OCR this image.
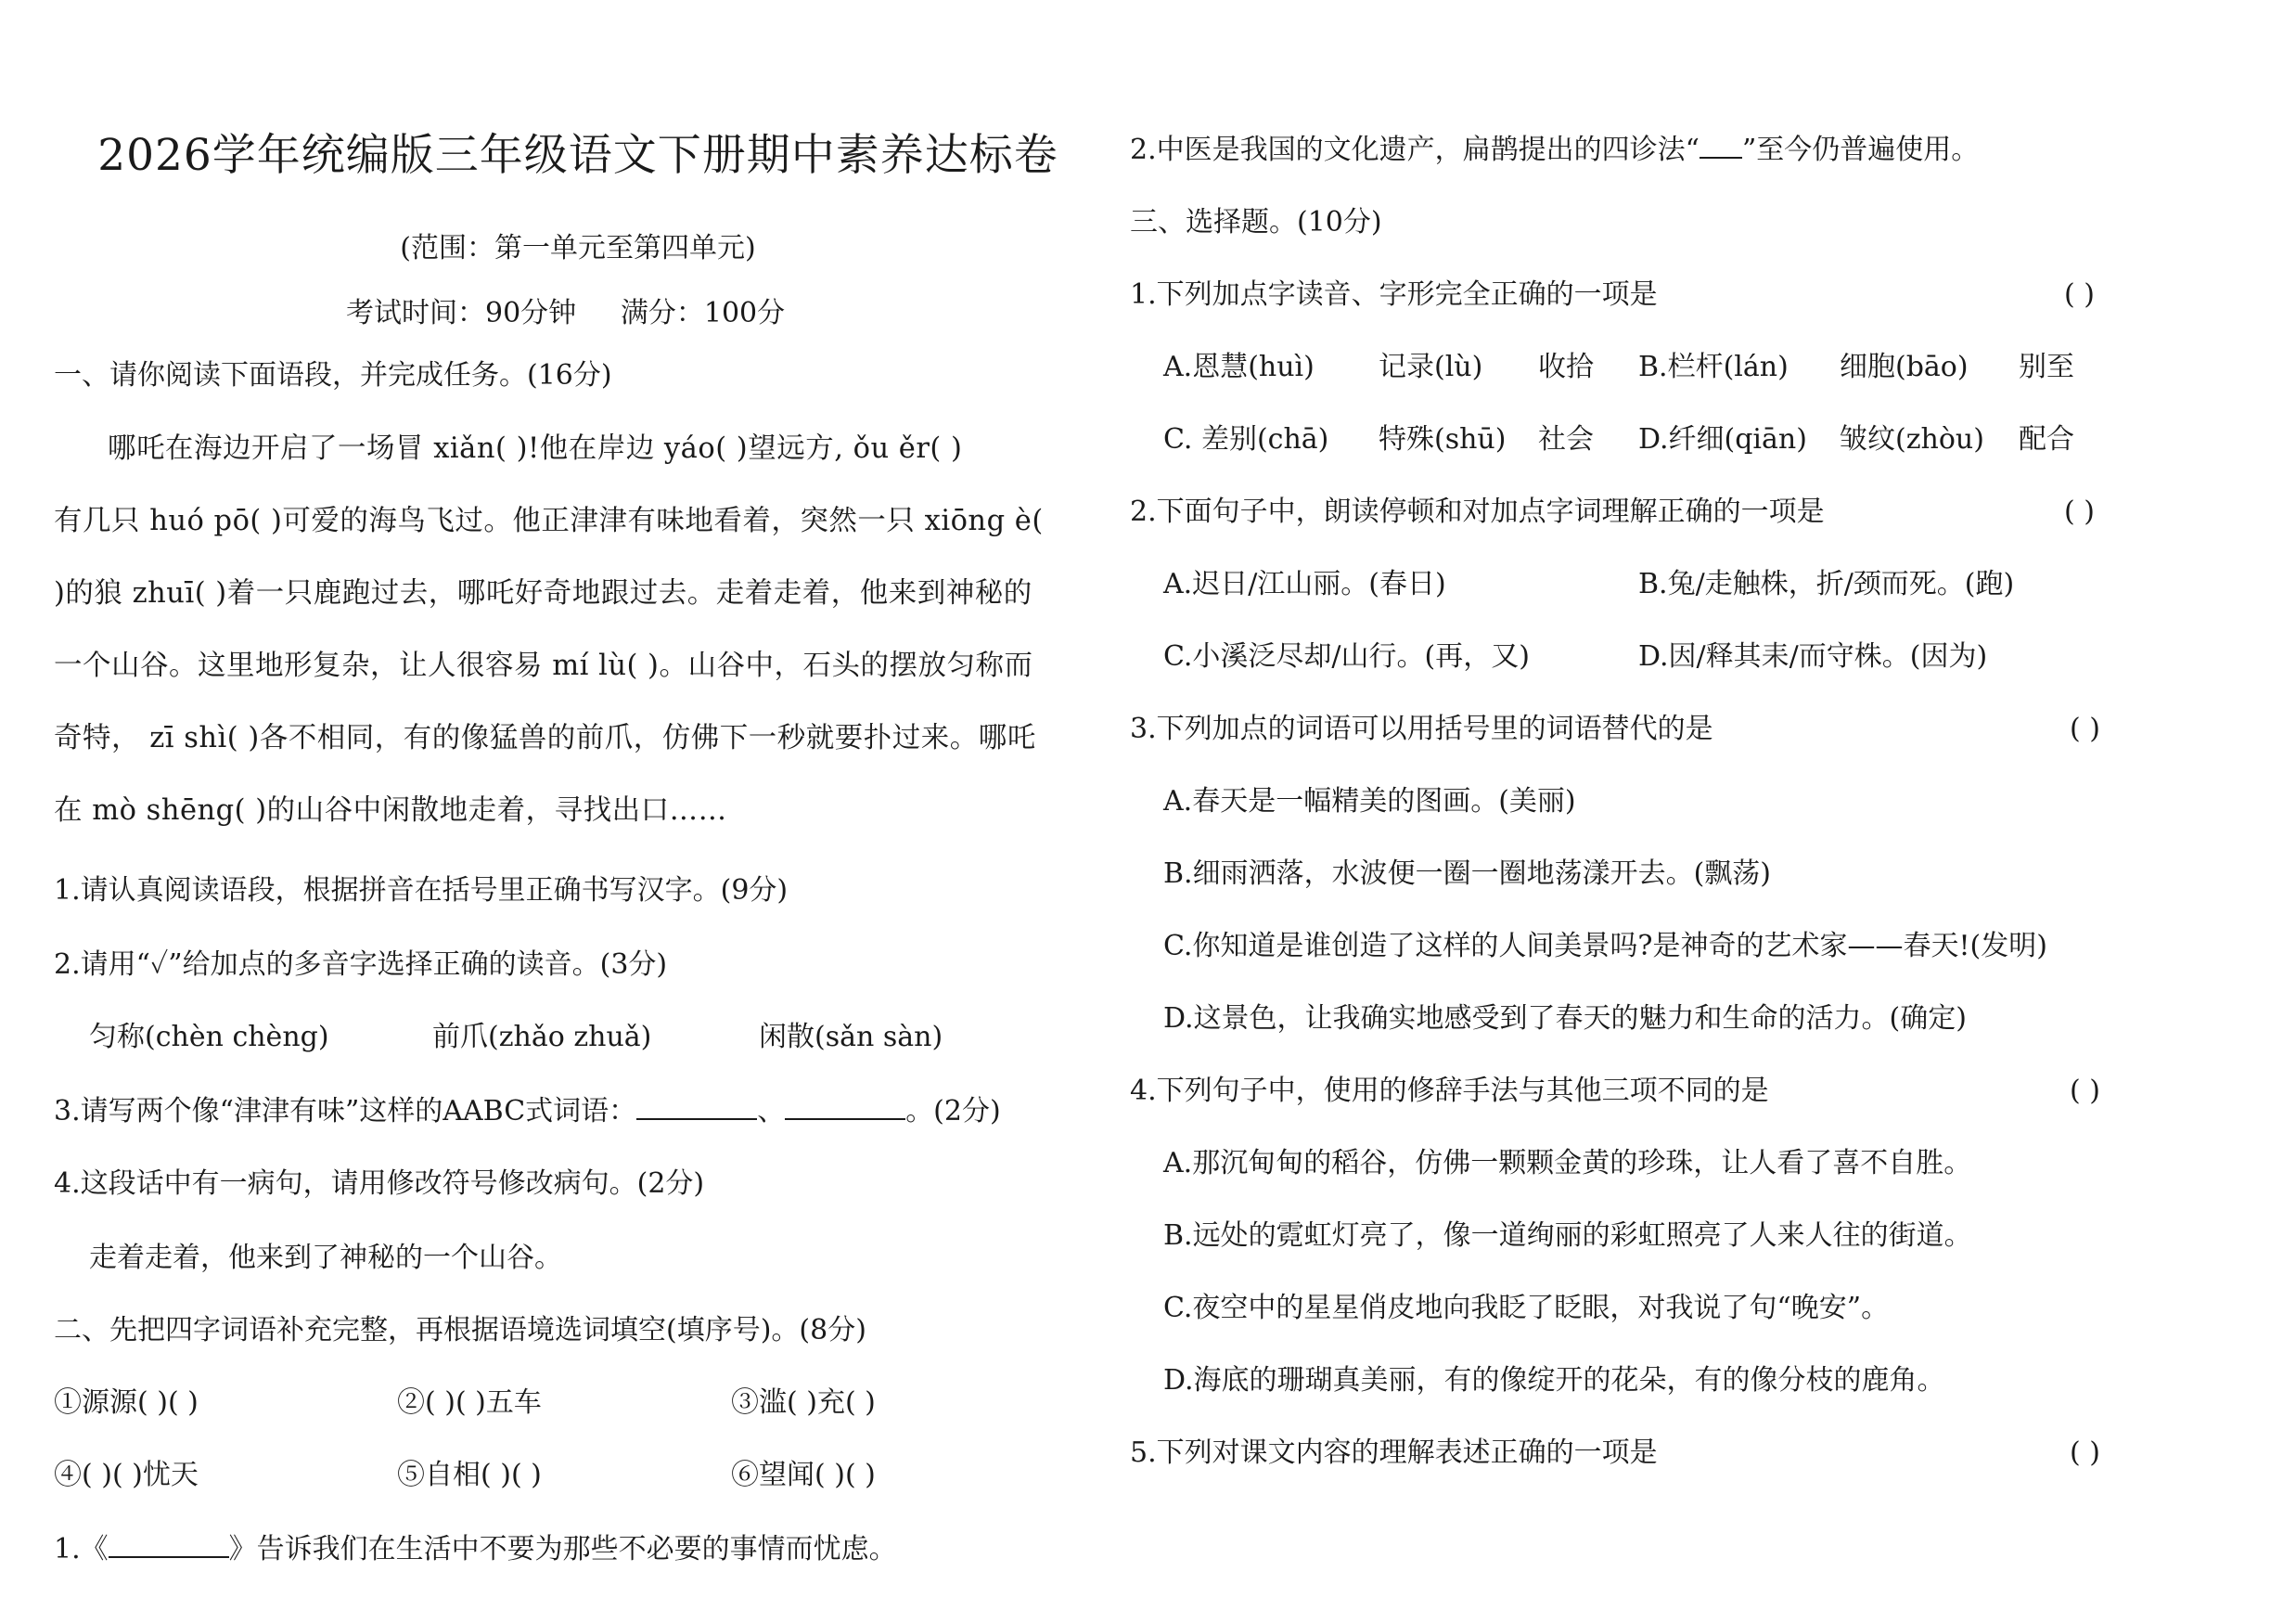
2026学年统编版三年级语文下册期中素养达标卷
(范围：第一单元至第四单元)
考试时间：90分钟 满分：100分
一、请你阅读下面语段，并完成任务。(16分)
哪吒在海边开启了一场冒 xiǎn( )!他在岸边 yáo( )望远方, ǒu ěr( )
有几只 huó pō( )可爱的海鸟飞过。他正津津有味地看着，突然一只 xiōng è(
)的狼 zhuī( )着一只鹿跑过去，哪吒好奇地跟过去。走着走着，他来到神秘的
一个山谷。这里地形复杂，让人很容易 mí lù( )。山谷中，石头的摆放匀称而
奇特， zī shì( )各不相同，有的像猛兽的前爪，仿佛下一秒就要扑过来。哪吒
在 mò shēng( )的山谷中闲散地走着，寻找出口……
1.请认真阅读语段，根据拼音在括号里正确书写汉字。(9分)
2.请用“✓”给加点的多音字选择正确的读音。(3分)
匀称(chèn chèng)	前爪(zhǎo zhuǎ)	闲散(sǎn sàn)
3.请写两个像“津津有味”这样的AABC式词语：	、	。(2分)
4.这段话中有一病句，请用修改符号修改病句。(2分)
走着走着，他来到了神秘的一个山谷。
二、先把四字词语补充完整，再根据语境选词填空(填序号)。(8分)
①源源( )( )	②( )( )五车	③滥( )充( )
④( )( )忧天	⑤自相( )( )	⑥望闻( )( )
1.《	》告诉我们在生活中不要为那些不必要的事情而忧虑。
2.中医是我国的文化遗产，扁鹊提出的四诊法“ ”至今仍普遍使用。
三、选择题。(10分)
1.下列加点字读音、字形完全正确的一项是	( )
A.恩慧(huì) 记录(lù) 收拾 B.栏杆(lán) 细胞(bāo) 别至
C. 差别(chā) 特殊(shū) 社会 D.纤细(qiān) 皱纹(zhòu) 配合
2.下面句子中，朗读停顿和对加点字词理解正确的一项是	( )
A.迟日/江山丽。(春日)	B.兔/走触株，折/颈而死。(跑)
C.小溪泛尽却/山行。(再，又)	D.因/释其耒/而守株。(因为)
3.下列加点的词语可以用括号里的词语替代的是	( )
A.春天是一幅精美的图画。(美丽)
B.细雨洒落，水波便一圈一圈地荡漾开去。(飘荡)
C.你知道是谁创造了这样的人间美景吗?是神奇的艺术家——春天!(发明)
D.这景色，让我确实地感受到了春天的魅力和生命的活力。(确定)
4.下列句子中，使用的修辞手法与其他三项不同的是	( )
A.那沉甸甸的稻谷，仿佛一颗颗金黄的珍珠，让人看了喜不自胜。
B.远处的霓虹灯亮了，像一道绚丽的彩虹照亮了人来人往的街道。
C.夜空中的星星俏皮地向我眨了眨眼，对我说了句“晚安”。
D.海底的珊瑚真美丽，有的像绽开的花朵，有的像分枝的鹿角。
5.下列对课文内容的理解表述正确的一项是	( )
